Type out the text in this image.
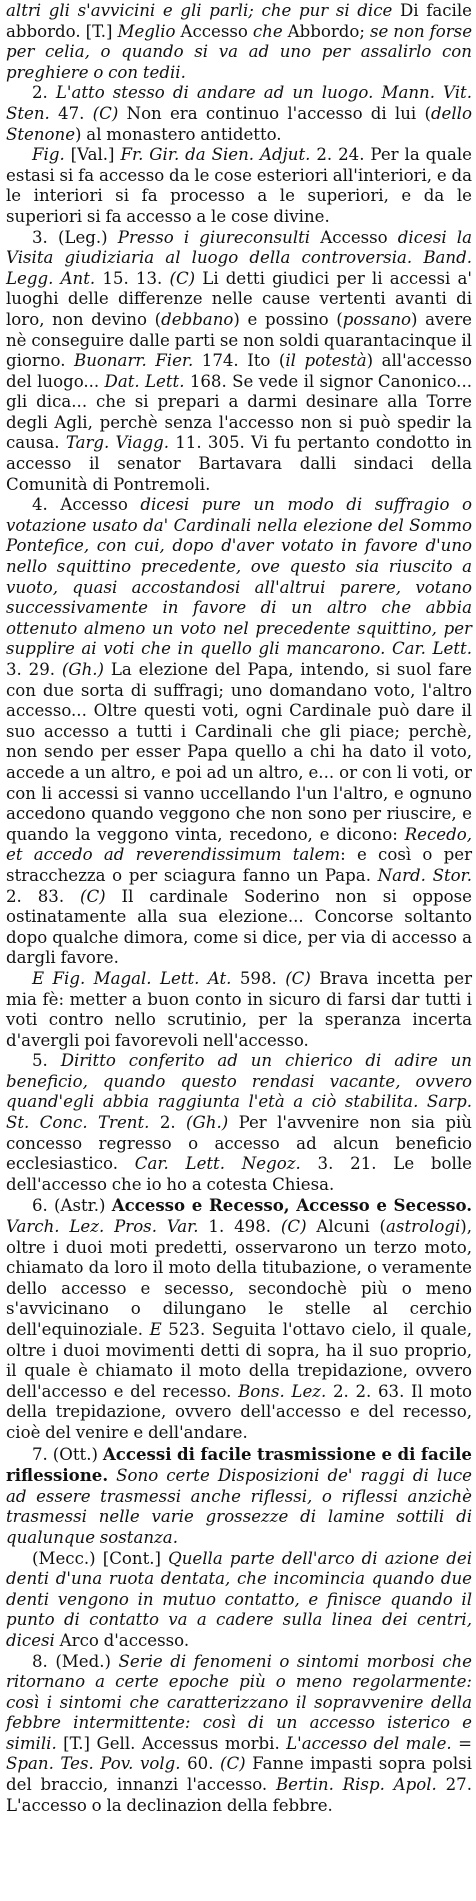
altri gli s'avvicini e gli parli; che pur si dice Di facile abbordo. [T.] Meglio Accesso che Abbordo; se non forse per celia, o quando si va ad uno per assalirlo con preghiere o con tedii.

2. L'atto stesso di andare ad un luogo. Mann. Vit. Sten. 47. (C) Non era continuo l'accesso di lui (dello Stenone) al monastero antidetto.

Fig. [Val.] Fr. Gir. da Sien. Adjut. 2. 24. Per la quale estasi si fa accesso da le cose esteriori all'interiori, e da le interiori si fa processo a le superiori, e da le superiori si fa accesso a le cose divine.

3. (Leg.) Presso i giureconsulti Accesso dicesi la Visita giudiziaria al luogo della controversia. Band. Legg. Ant. 15. 13. (C) Li detti giudici per li accessi a' luoghi delle differenze nelle cause vertenti avanti di loro, non devino (debbano) e possino (possano) avere nè conseguire dalle parti se non soldi quarantacinque il giorno. Buonarr. Fier. 174. Ito (il potestà) all'accesso del luogo... Dat. Lett. 168. Se vede il signor Canonico... gli dica... che si prepari a darmi desinare alla Torre degli Agli, perchè senza l'accesso non si può spedir la causa. Targ. Viagg. 11. 305. Vi fu pertanto condotto in accesso il senator Bartavara dalli sindaci della Comunità di Pontremoli.

4. Accesso dicesi pure un modo di suffragio o votazione usato da' Cardinali nella elezione del Sommo Pontefice, con cui, dopo d'aver votato in favore d'uno nello squittino precedente, ove questo sia riuscito a vuoto, quasi accostandosi all'altrui parere, votano successivamente in favore di un altro che abbia ottenuto almeno un voto nel precedente squittino, per supplire ai voti che in quello gli mancarono. Car. Lett. 3. 29. (Gh.) La elezione del Papa, intendo, si suol fare con due sorta di suffragi; uno domandano voto, l'altro accesso... Oltre questi voti, ogni Cardinale può dare il suo accesso a tutti i Cardinali che gli piace; perchè, non sendo per esser Papa quello a chi ha dato il voto, accede a un altro, e poi ad un altro, e... or con li voti, or con li accessi si vanno uccellando l'un l'altro, e ognuno accedono quando veggono che non sono per riuscire, e quando la veggono vinta, recedono, e dicono: Recedo, et accedo ad reverendissimum talem: e così o per stracchezza o per sciagura fanno un Papa. Nard. Stor. 2. 83. (C) Il cardinale Soderino non si oppose ostinatamente alla sua elezione... Concorse soltanto dopo qualche dimora, come si dice, per via di accesso a dargli favore.

E Fig. Magal. Lett. At. 598. (C) Brava incetta per mia fè: metter a buon conto in sicuro di farsi dar tutti i voti contro nello scrutinio, per la speranza incerta d'avergli poi favorevoli nell'accesso.

5. Diritto conferito ad un chierico di adire un beneficio, quando questo rendasi vacante, ovvero quand'egli abbia raggiunta l'età a ciò stabilita. Sarp. St. Conc. Trent. 2. (Gh.) Per l'avvenire non sia più concesso regresso o accesso ad alcun beneficio ecclesiastico. Car. Lett. Negoz. 3. 21. Le bolle dell'accesso che io ho a cotesta Chiesa.

6. (Astr.) Accesso e Recesso, Accesso e Secesso. Varch. Lez. Pros. Var. 1. 498. (C) Alcuni (astrologi), oltre i duoi moti predetti, osservarono un terzo moto, chiamato da loro il moto della titubazione, o veramente dello accesso e secesso, secondochè più o meno s'avvicinano o dilungano le stelle al cerchio dell'equinoziale. E 523. Seguita l'ottavo cielo, il quale, oltre i duoi movimenti detti di sopra, ha il suo proprio, il quale è chiamato il moto della trepidazione, ovvero dell'accesso e del recesso. Bons. Lez. 2. 2. 63. Il moto della trepidazione, ovvero dell'accesso e del recesso, cioè del venire e dell'andare.

7. (Ott.) Accessi di facile trasmissione e di facile riflessione. Sono certe Disposizioni de' raggi di luce ad essere trasmessi anche riflessi, o riflessi anzichè trasmessi nelle varie grossezze di lamine sottili di qualunque sostanza.

(Mecc.) [Cont.] Quella parte dell'arco di azione dei denti d'una ruota dentata, che incomincia quando due denti vengono in mutuo contatto, e finisce quando il punto di contatto va a cadere sulla linea dei centri, dicesi Arco d'accesso.

8. (Med.) Serie di fenomeni o sintomi morbosi che ritornano a certe epoche più o meno regolarmente: così i sintomi che caratterizzano il sopravvenire della febbre intermittente: così di un accesso isterico e simili. [T.] Gell. Accessus morbi. L'accesso del male. = Span. Tes. Pov. volg. 60. (C) Fanne impasti sopra polsi del braccio, innanzi l'accesso. Bertin. Risp. Apol. 27. L'accesso o la declinazion della febbre.
